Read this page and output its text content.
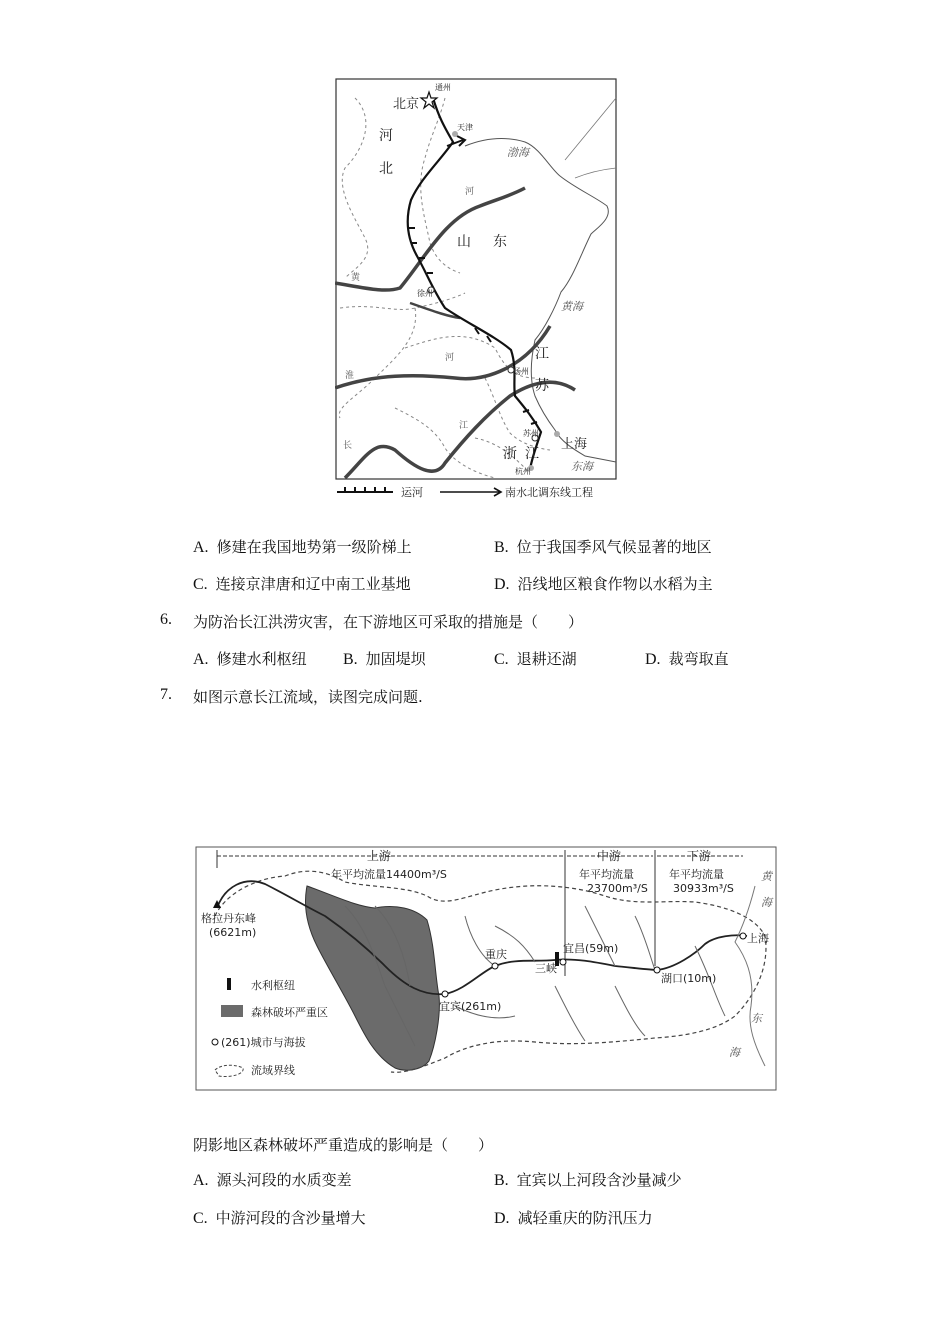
通州
北京
天津
河
北
渤海
河
山 东
黄
徐州
黄海
河	江
苏
淮	扬州
江
苏州
上海
长	浙 江
杭州	东海
运河	南水北调东线工程
A. 修建在我国地势第一级阶梯上	B. 位于我国季风气候显著的地区
C. 连接京津唐和辽中南工业基地	D. 沿线地区粮食作物以水稻为主
6. 为防治长江洪涝灾害，在下游地区可采取的措施是（　　）
A. 修建水利枢纽 B. 加固堤坝	C. 退耕还湖	D. 裁弯取直
7. 如图示意长江流域，读图完成问题.
上游
年平均流量14400m³/S
中游
年平均流量
23700m³/S
下游
年平均流量
30933m³/S
格拉丹东峰
(6621m)
重庆
三峡
宜昌(59m)
湖口(10m)
宜宾(261m)
上海
黄
海
东
海
水利枢纽
森林破坏严重区
(261)城市与海拔
流域界线
阴影地区森林破坏严重造成的影响是（　　）
A. 源头河段的水质变差	B. 宜宾以上河段含沙量减少
C. 中游河段的含沙量增大	D. 减轻重庆的防汛压力
